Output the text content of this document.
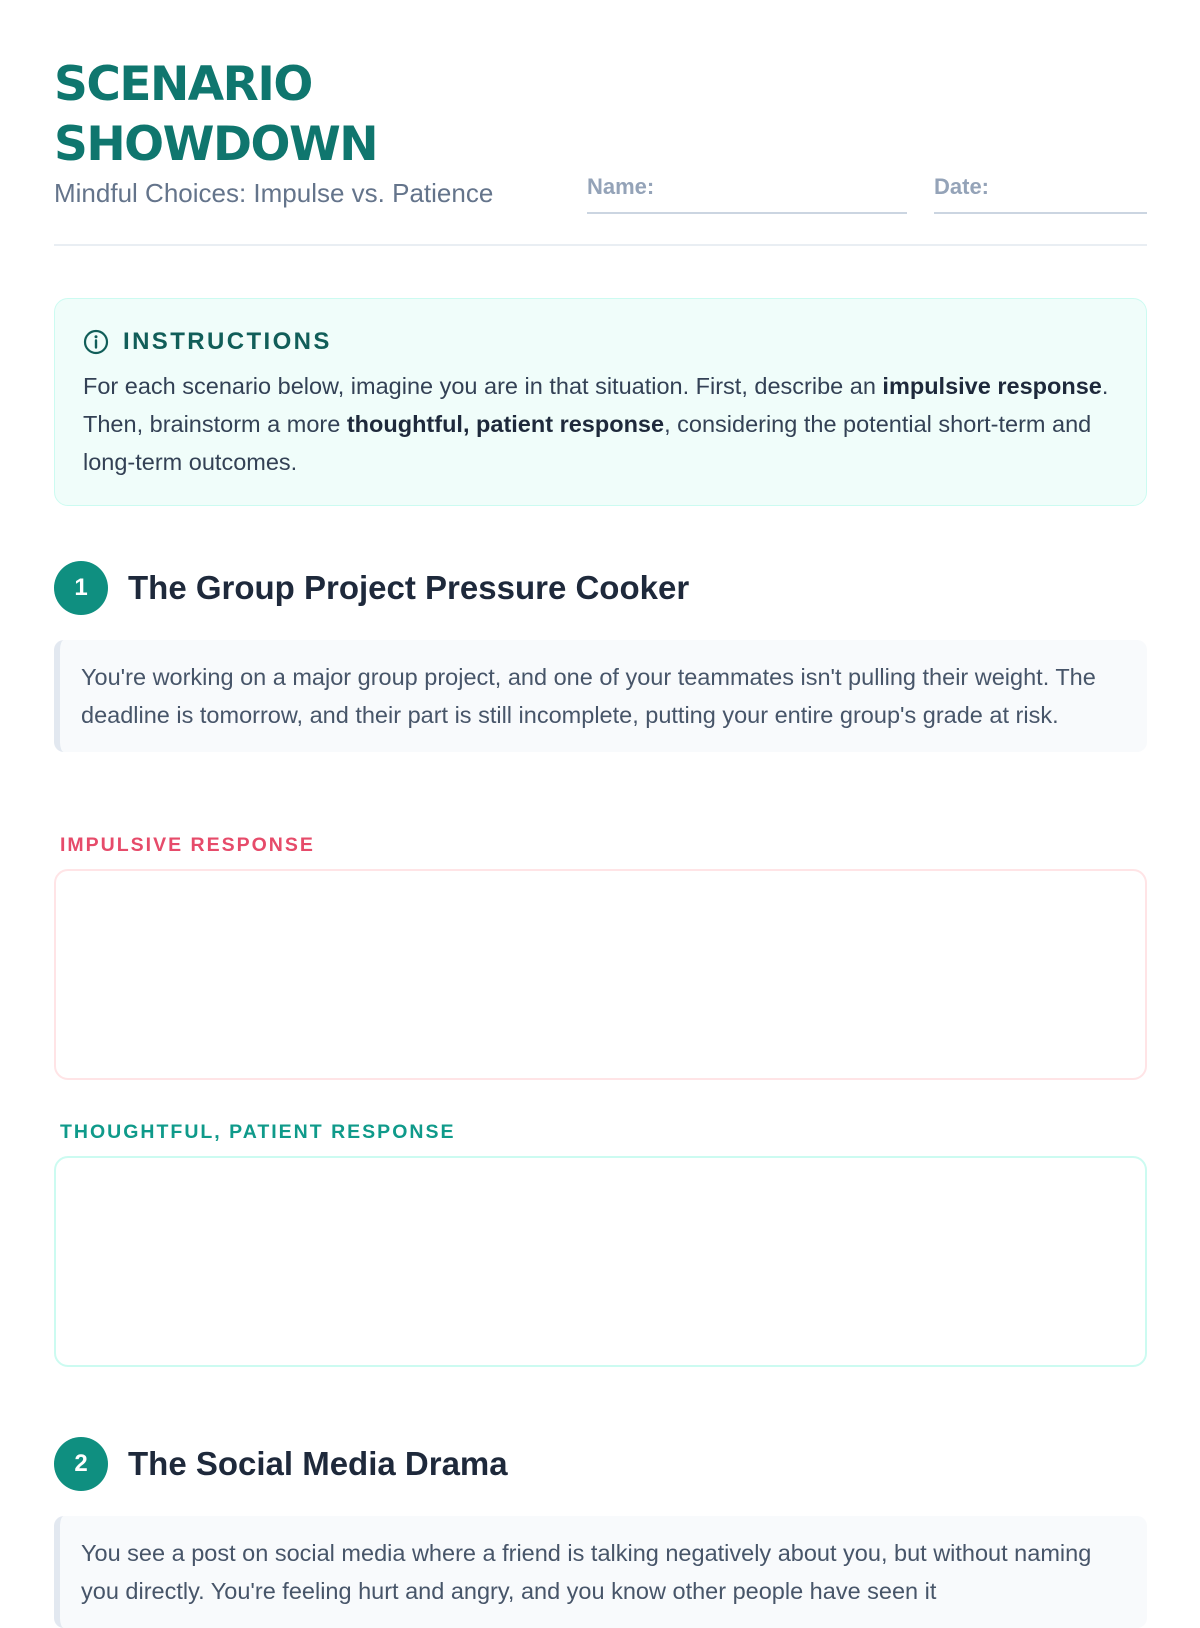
SCENARIO SHOWDOWN
Mindful Choices: Impulse vs. Patience	Name:	Date:
INSTRUCTIONS
For each scenario below, imagine you are in that situation. First, describe an impulsive response. Then, brainstorm a more thoughtful, patient response, considering the potential short-term and long-term outcomes.
1	The Group Project Pressure Cooker
You're working on a major group project, and one of your teammates isn't pulling their weight. The deadline is tomorrow, and their part is still incomplete, putting your entire group's grade at risk.
IMPULSIVE RESPONSE
THOUGHTFUL, PATIENT RESPONSE
2	The Social Media Drama
You see a post on social media where a friend is talking negatively about you, but without naming you directly. You're feeling hurt and angry, and you know other people have seen it
